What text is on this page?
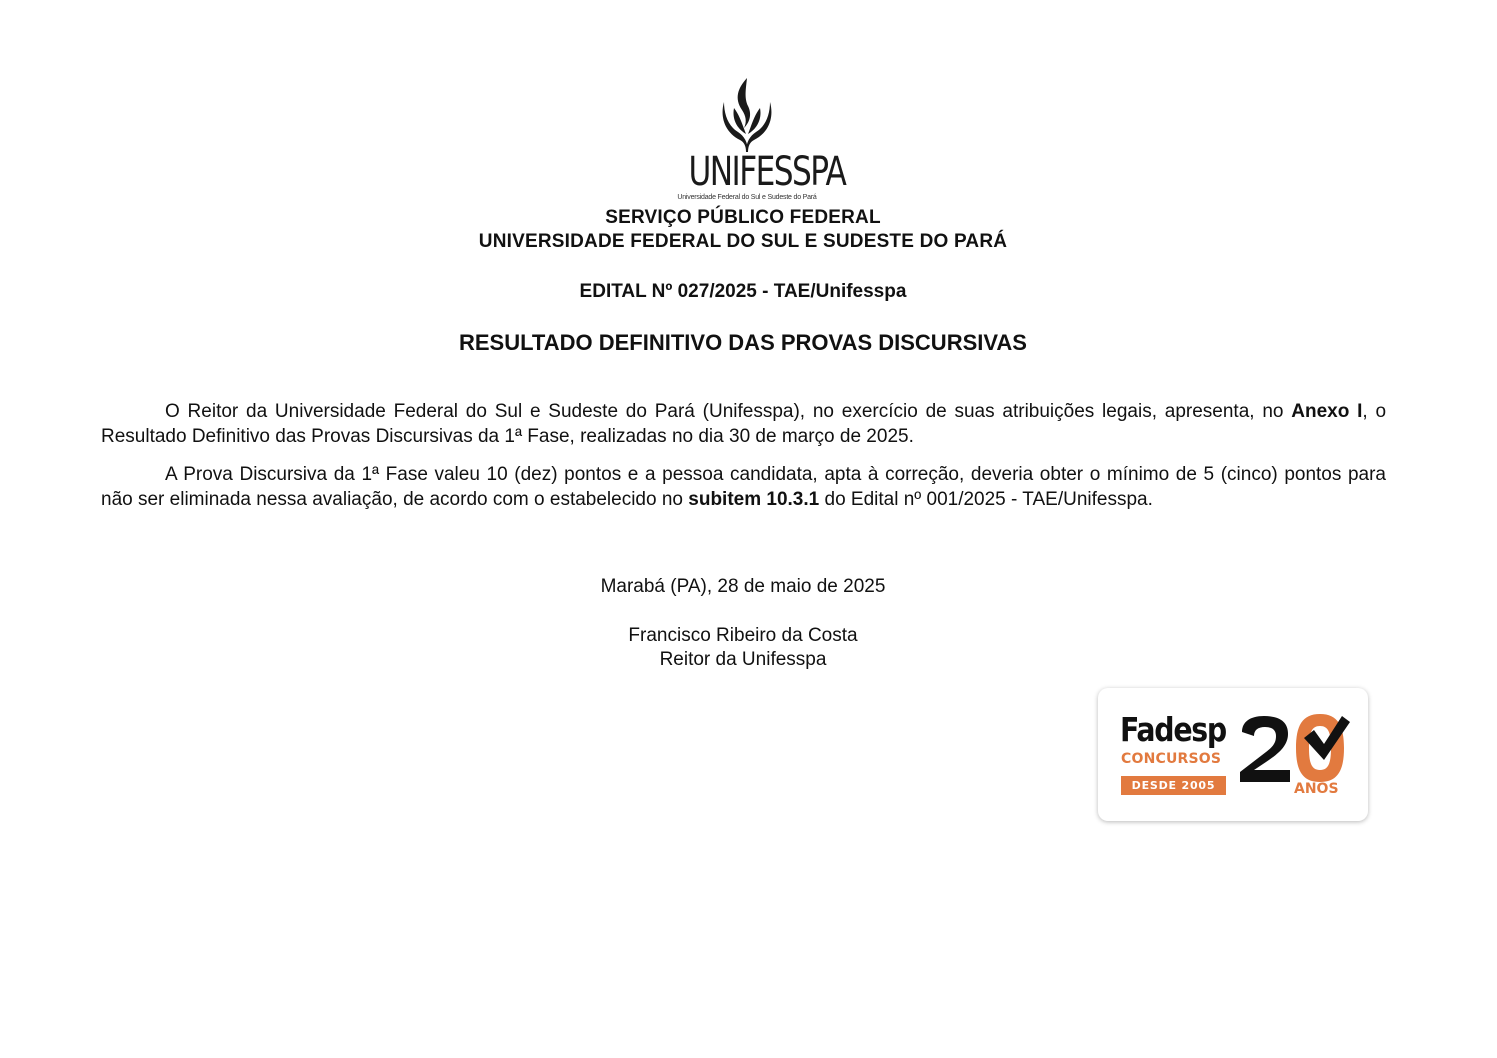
UNIFESSPA
Universidade Federal do Sul e Sudeste do Pará
SERVIÇO PÚBLICO FEDERAL
UNIVERSIDADE FEDERAL DO SUL E SUDESTE DO PARÁ
EDITAL Nº 027/2025 - TAE/Unifesspa
RESULTADO DEFINITIVO DAS PROVAS DISCURSIVAS
O Reitor da Universidade Federal do Sul e Sudeste do Pará (Unifesspa), no exercício de suas atribuições legais, apresenta, no Anexo I, o Resultado Definitivo das Provas Discursivas da 1ª Fase, realizadas no dia 30 de março de 2025.
A Prova Discursiva da 1ª Fase valeu 10 (dez) pontos e a pessoa candidata, apta à correção, deveria obter o mínimo de 5 (cinco) pontos para não ser eliminada nessa avaliação, de acordo com o estabelecido no subitem 10.3.1 do Edital nº 001/2025 - TAE/Unifesspa.
Marabá (PA), 28 de maio de 2025
Francisco Ribeiro da Costa
Reitor da Unifesspa
Fadesp
CONCURSOS
DESDE 2005	ANOS
